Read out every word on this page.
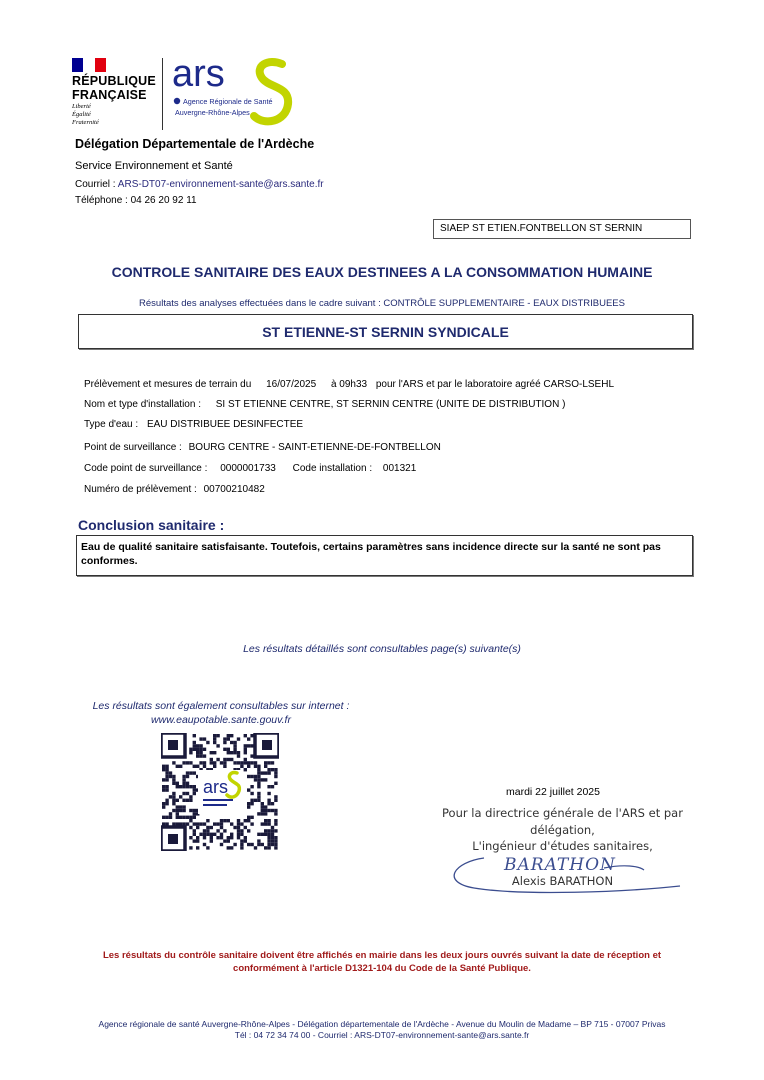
RÉPUBLIQUE
FRANÇAISE
Liberté
Égalité
Fraternité
ars
Agence Régionale de Santé
Auvergne-Rhône-Alpes
Délégation Départementale de l'Ardèche
Service Environnement et Santé
Courriel : ARS-DT07-environnement-sante@ars.sante.fr
Téléphone : 04 26 20 92 11
SIAEP ST ETIEN.FONTBELLON ST SERNIN
CONTROLE SANITAIRE DES EAUX DESTINEES A LA CONSOMMATION HUMAINE
Résultats des analyses effectuées dans le cadre suivant : CONTRÔLE SUPPLEMENTAIRE - EAUX DISTRIBUEES
ST ETIENNE-ST SERNIN SYNDICALE
Prélèvement et mesures de terrain du 16/07/2025 à 09h33 pour l'ARS et par le laboratoire agréé CARSO-LSEHL
Nom et type d'installation : SI ST ETIENNE CENTRE, ST SERNIN CENTRE (UNITE DE DISTRIBUTION )
Type d'eau : EAU DISTRIBUEE DESINFECTEE
Point de surveillance : BOURG CENTRE - SAINT-ETIENNE-DE-FONTBELLON
Code point de surveillance : 0000001733 Code installation : 001321
Numéro de prélèvement : 00700210482
Conclusion sanitaire :
Eau de qualité sanitaire satisfaisante. Toutefois, certains paramètres sans incidence directe sur la santé ne sont pas conformes.
Les résultats détaillés sont consultables page(s) suivante(s)
Les résultats sont également consultables sur internet :
www.eaupotable.sante.gouv.fr
ars	mardi 22 juillet 2025
Pour la directrice générale de l'ARS et par
délégation,
L'ingénieur d'études sanitaires,
BARATHON
Alexis BARATHON
Les résultats du contrôle sanitaire doivent être affichés en mairie dans les deux jours ouvrés suivant la date de réception et conformément à l'article D1321-104 du Code de la Santé Publique.
Agence régionale de santé Auvergne-Rhône-Alpes - Délégation départementale de l'Ardèche - Avenue du Moulin de Madame – BP 715 - 07007 Privas
Tél : 04 72 34 74 00 - Courriel : ARS-DT07-environnement-sante@ars.sante.fr
